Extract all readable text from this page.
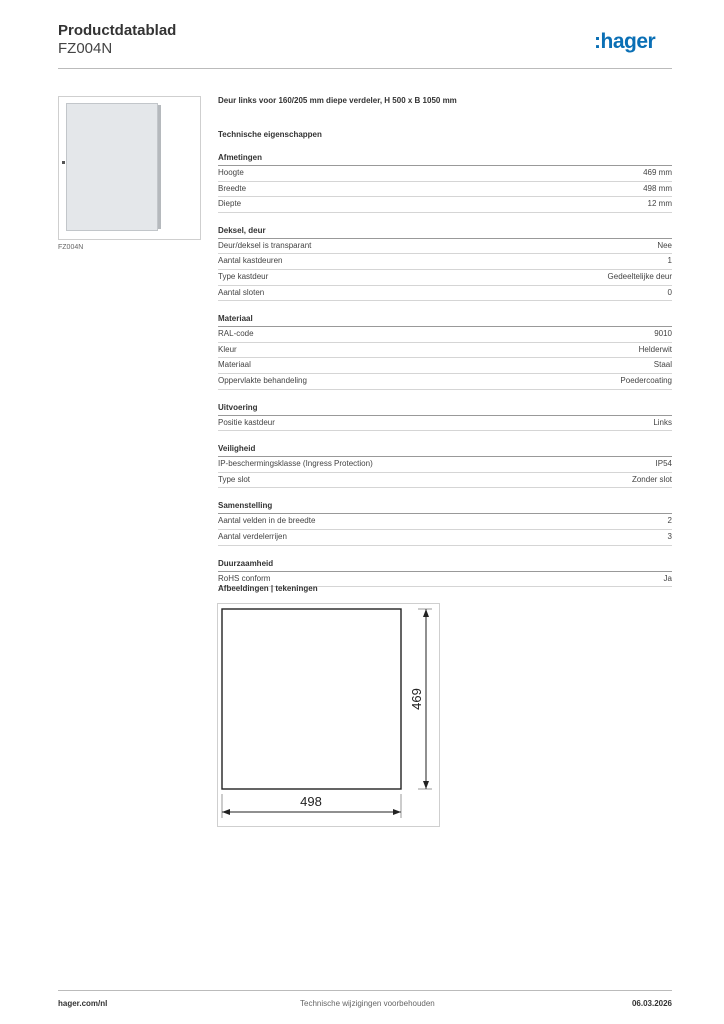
Productdatablad
FZ004N	:hager
FZ004N
Deur links voor 160/205 mm diepe verdeler, H 500 x B 1050 mm
Technische eigenschappen
Afmetingen
Hoogte	469 mm
Breedte	498 mm
Diepte	12 mm
Deksel, deur
Deur/deksel is transparant	Nee
Aantal kastdeuren	1
Type kastdeur	Gedeeltelijke deur
Aantal sloten	0
Materiaal
RAL-code	9010
Kleur	Helderwit
Materiaal	Staal
Oppervlakte behandeling	Poedercoating
Uitvoering
Positie kastdeur	Links
Veiligheid
IP-beschermingsklasse (Ingress Protection)	IP54
Type slot	Zonder slot
Samenstelling
Aantal velden in de breedte	2
Aantal verdelerrijen	3
Duurzaamheid
RoHS conform	Ja
Afbeeldingen | tekeningen
469
498
hager.com/nl	Technische wijzigingen voorbehouden	06.03.2026
